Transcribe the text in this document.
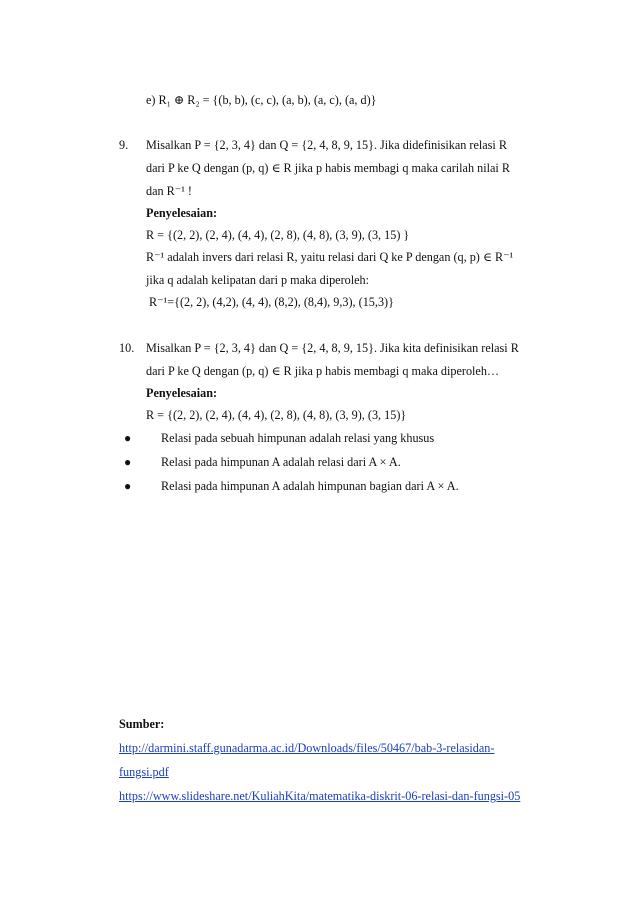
e) R₁ ⊕ R₂ = {(b, b), (c, c), (a, b), (a, c), (a, d)}
9. Misalkan P = {2, 3, 4} dan Q = {2, 4, 8, 9, 15}. Jika didefinisikan relasi R
dari P ke Q dengan (p, q) ∈ R jika p habis membagi q maka carilah nilai R
dan R⁻¹ !
Penyelesaian:
R = {(2, 2), (2, 4), (4, 4), (2, 8), (4, 8), (3, 9), (3, 15) }
R⁻¹ adalah invers dari relasi R, yaitu relasi dari Q ke P dengan (q, p) ∈ R⁻¹
jika q adalah kelipatan dari p maka diperoleh:
R⁻¹={(2, 2), (4,2), (4, 4), (8,2), (8,4), 9,3), (15,3)}
10. Misalkan P = {2, 3, 4} dan Q = {2, 4, 8, 9, 15}. Jika kita definisikan relasi R
dari P ke Q dengan (p, q) ∈ R jika p habis membagi q maka diperoleh…
Penyelesaian:
R = {(2, 2), (2, 4), (4, 4), (2, 8), (4, 8), (3, 9), (3, 15)}
● Relasi pada sebuah himpunan adalah relasi yang khusus
● Relasi pada himpunan A adalah relasi dari A × A.
● Relasi pada himpunan A adalah himpunan bagian dari A × A.
Sumber:
http://darmini.staff.gunadarma.ac.id/Downloads/files/50467/bab-3-relasidan-
fungsi.pdf
https://www.slideshare.net/KuliahKita/matematika-diskrit-06-relasi-dan-fungsi-05
